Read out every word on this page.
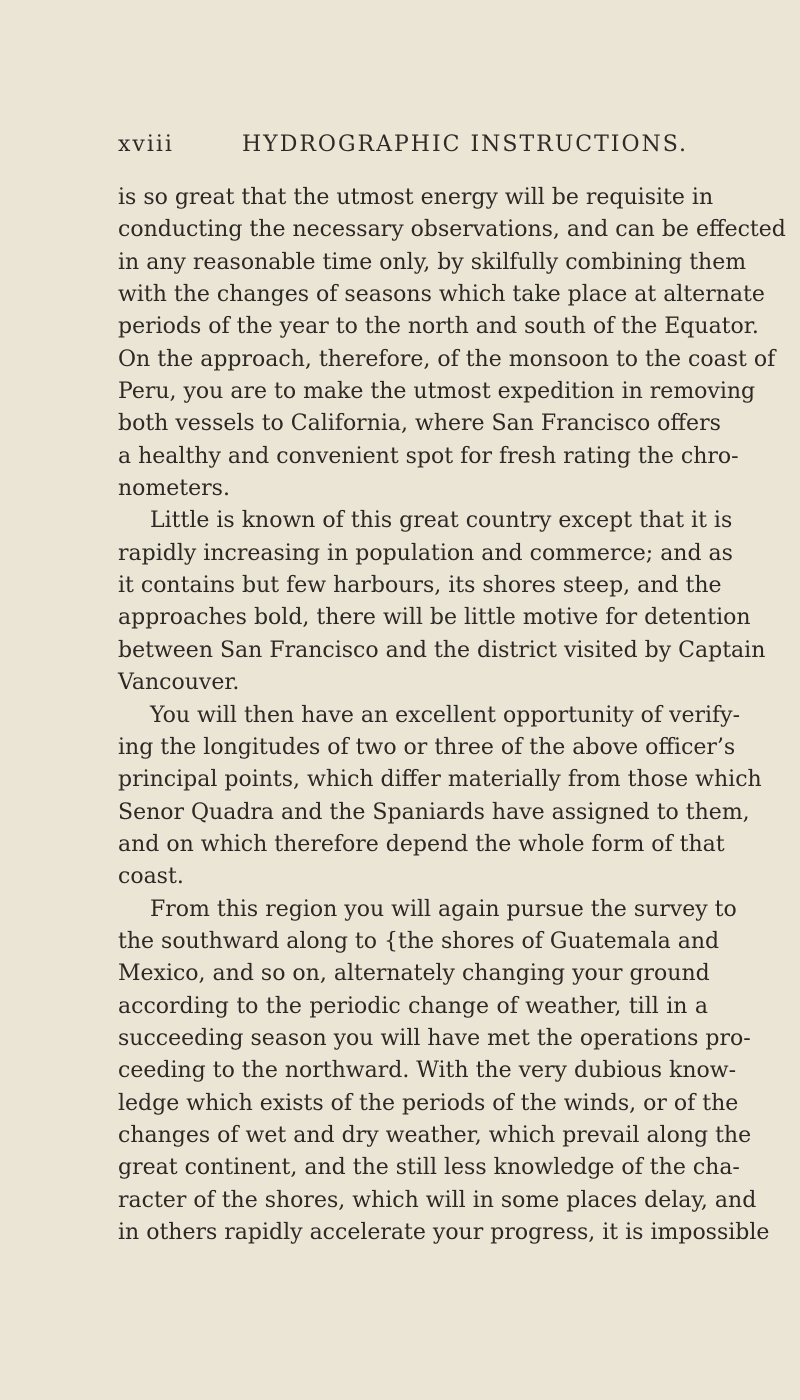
xviii	HYDROGRAPHIC INSTRUCTIONS.
is so great that the utmost energy will be requisite in
conducting the necessary observations, and can be effected
in any reasonable time only, by skilfully combining them
with the changes of seasons which take place at alternate
periods of the year to the north and south of the Equator.
On the approach, therefore, of the monsoon to the coast of
Peru, you are to make the utmost expedition in removing
both vessels to California, where San Francisco offers
a healthy and convenient spot for fresh rating the chro-
nometers.
Little is known of this great country except that it is
rapidly increasing in population and commerce; and as
it contains but few harbours, its shores steep, and the
approaches bold, there will be little motive for detention
between San Francisco and the district visited by Captain
Vancouver.
You will then have an excellent opportunity of verify-
ing the longitudes of two or three of the above officer’s
principal points, which differ materially from those which
Senor Quadra and the Spaniards have assigned to them,
and on which therefore depend the whole form of that
coast.
From this region you will again pursue the survey to
the southward along to {the shores of Guatemala and
Mexico, and so on, alternately changing your ground
according to the periodic change of weather, till in a
succeeding season you will have met the operations pro-
ceeding to the northward. With the very dubious know-
ledge which exists of the periods of the winds, or of the
changes of wet and dry weather, which prevail along the
great continent, and the still less knowledge of the cha-
racter of the shores, which will in some places delay, and
in others rapidly accelerate your progress, it is impossible
